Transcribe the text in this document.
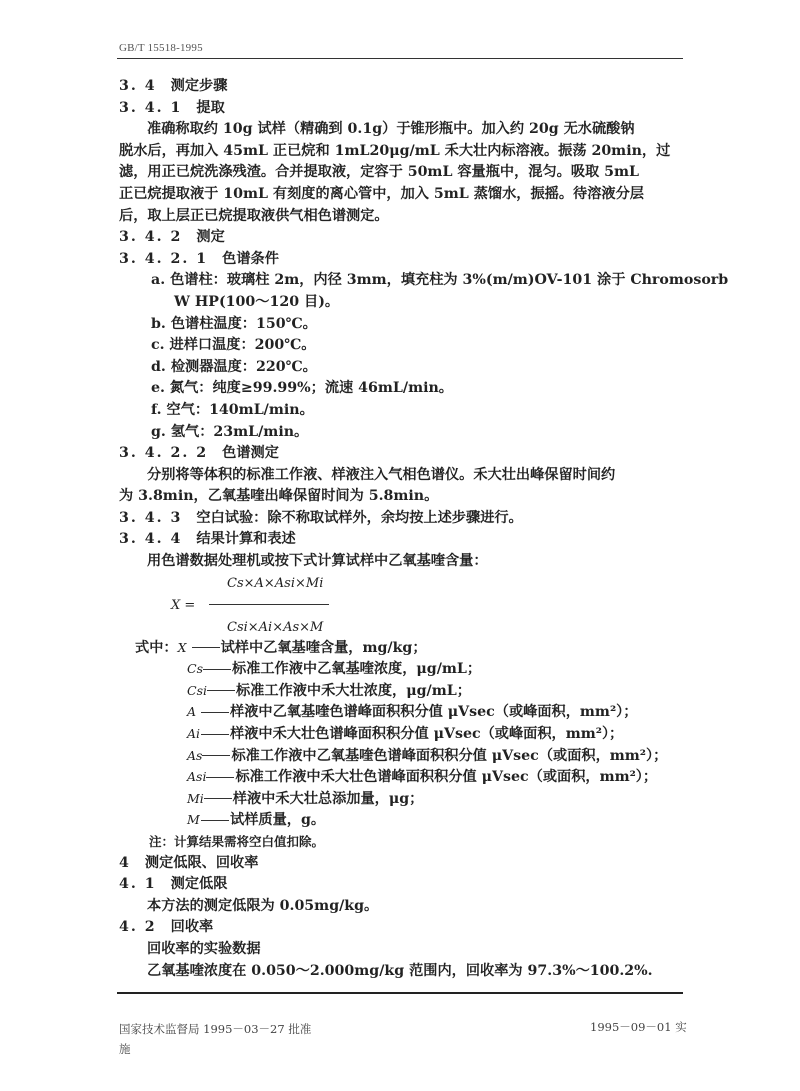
GB/T 15518-1995
3. 4 测定步骤
3. 4. 1 提取
准确称取约 10g 试样（精确到 0.1g）于锥形瓶中。加入约 20g 无水硫酸钠
脱水后，再加入 45mL 正已烷和 1mL20μg/mL 禾大壮内标溶液。振荡 20min，过
滤，用正已烷洗涤残渣。合并提取液，定容于 50mL 容量瓶中，混匀。吸取 5mL
正已烷提取液于 10mL 有刻度的离心管中，加入 5mL 蒸馏水，振摇。待溶液分层
后，取上层正已烷提取液供气相色谱测定。
3. 4. 2 测定
3. 4. 2. 1 色谱条件
a. 色谱柱：玻璃柱 2m，内径 3mm，填充柱为 3%(m/m)OV-101 涂于 Chromosorb
W HP(100～120 目)。
b. 色谱柱温度：150℃。
c. 进样口温度：200℃。
d. 检测器温度：220℃。
e. 氮气：纯度≥99.99%；流速 46mL/min。
f. 空气：140mL/min。
g. 氢气：23mL/min。
3. 4. 2. 2 色谱测定
分别将等体积的标准工作液、样液注入气相色谱仪。禾大壮出峰保留时间约
为 3.8min，乙氧基喹出峰保留时间为 5.8min。
3. 4. 3 空白试验：除不称取试样外，余均按上述步骤进行。
3. 4. 4 结果计算和表述
用色谱数据处理机或按下式计算试样中乙氧基喹含量：
Cs×A×Asi×Mi
X =
Csi×Ai×As×M
式中：X 试样中乙氧基喹含量，mg/kg；
Cs 标准工作液中乙氧基喹浓度，μg/mL；
Csi 标准工作液中禾大壮浓度，μg/mL；
A 样液中乙氧基喹色谱峰面积积分值 μVsec（或峰面积，mm²）；
Ai 样液中禾大壮色谱峰面积积分值 μVsec（或峰面积，mm²）；
As 标准工作液中乙氧基喹色谱峰面积积分值 μVsec（或面积，mm²）；
Asi 标准工作液中禾大壮色谱峰面积积分值 μVsec（或面积，mm²）；
Mi 样液中禾大壮总添加量，μg；
M 试样质量，g。
注：计算结果需将空白值扣除。
4 测定低限、回收率
4. 1 测定低限
本方法的测定低限为 0.05mg/kg。
4. 2 回收率
回收率的实验数据
乙氧基喹浓度在 0.050～2.000mg/kg 范围内，回收率为 97.3%～100.2%.
国家技术监督局 1995－03－27 批准
施
1995－09－01 实
